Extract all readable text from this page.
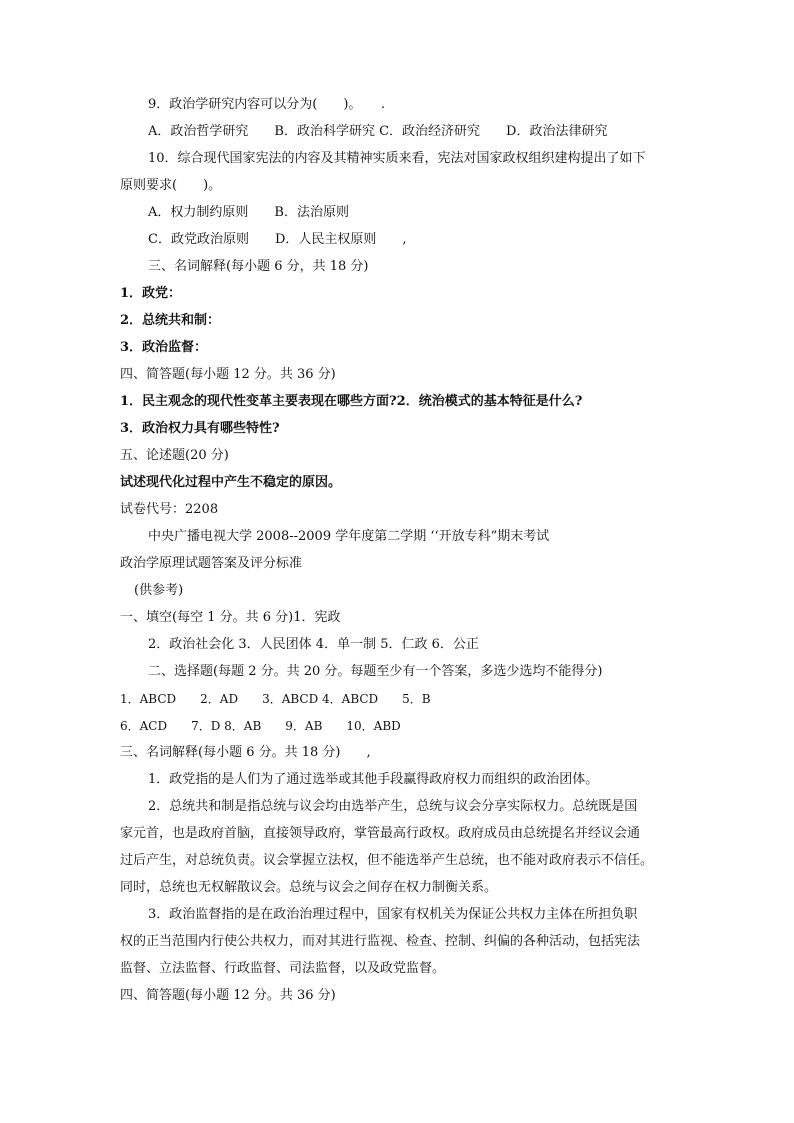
9．政治学研究内容可以分为(　　)。　　.
A．政治哲学研究　　B．政治科学研究 C．政治经济研究　　D．政治法律研究
10．综合现代国家宪法的内容及其精神实质来看，宪法对国家政权组织建构提出了如下
原则要求(　　)。
A．权力制约原则　　B．法治原则
C．政党政治原则　　D．人民主权原则　　,
三、名词解释(每小题 6 分，共 18 分)
1．政党：
2．总统共和制：
3．政治监督：
四、简答题(每小题 12 分。共 36 分)
1．民主观念的现代性变革主要表现在哪些方面?2．统治模式的基本特征是什么?
3．政治权力具有哪些特性?
五、论述题(20 分)
试述现代化过程中产生不稳定的原因。
试卷代号：2208
中央广播电视大学 2008--2009 学年度第二学期 ‘‘开放专科”期末考试
政治学原理试题答案及评分标准
(供参考)
一、填空(每空 1 分。共 6 分)1．宪政
2．政治社会化 3．人民团体 4．单一制 5．仁政 6．公正
二、选择题(每题 2 分。共 20 分。每题至少有一个答案，多选少选均不能得分)
1．ABCD　　2．AD　　3．ABCD 4．ABCD　　5．B
6．ACD　　7．D 8．AB　　9．AB　　10．ABD
三、名词解释(每小题 6 分。共 18 分)　　,
1．政党指的是人们为了通过选举或其他手段赢得政府权力而组织的政治团体。
2．总统共和制是指总统与议会均由选举产生，总统与议会分享实际权力。总统既是国
家元首，也是政府首脑，直接领导政府，掌管最高行政权。政府成员由总统提名并经议会通
过后产生，对总统负责。议会掌握立法权，但不能选举产生总统，也不能对政府表示不信任。
同时，总统也无权解散议会。总统与议会之间存在权力制衡关系。
3．政治监督指的是在政治治理过程中，国家有权机关为保证公共权力主体在所担负职
权的正当范围内行使公共权力，而对其进行监视、检查、控制、纠偏的各种活动，包括宪法
监督、立法监督、行政监督、司法监督，以及政党监督。
四、简答题(每小题 12 分。共 36 分)
